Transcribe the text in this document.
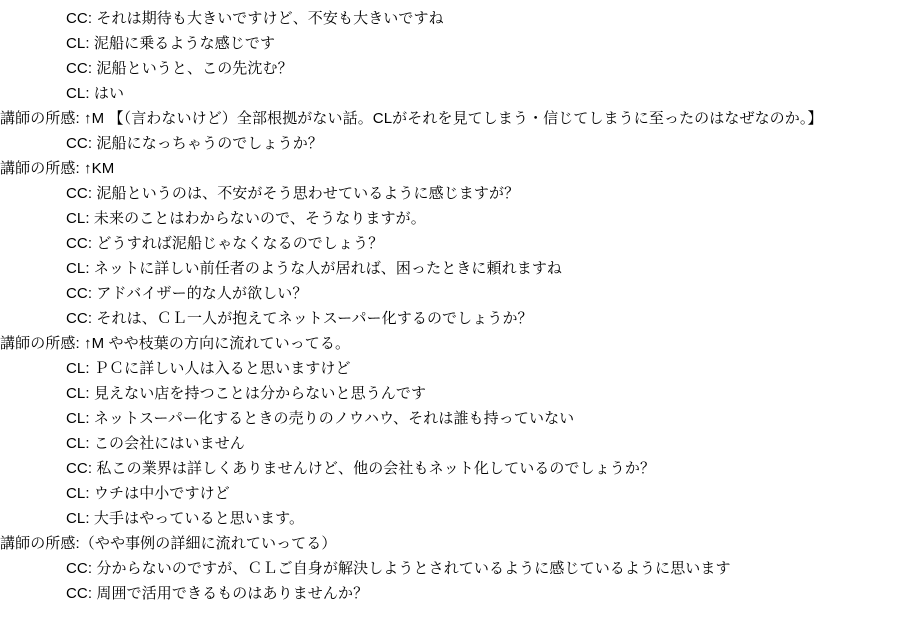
CC: それは期待も大きいですけど、不安も大きいですね
CL: 泥船に乗るような感じです
CC: 泥船というと、この先沈む？
CL: はい
講師の所感: ↑М 【（言わないけど）全部根拠がない話。CLがそれを見てしまう・信じてしまうに至ったのはなぜなのか。】
CC: 泥船になっちゃうのでしょうか？
講師の所感: ↑KM
CC: 泥船というのは、不安がそう思わせているように感じますが？
CL: 未来のことはわからないので、そうなりますが。
CC: どうすれば泥船じゃなくなるのでしょう？
CL: ネットに詳しい前任者のような人が居れば、困ったときに頼れますね
CC: アドバイザー的な人が欲しい？
CC: それは、ＣＬ一人が抱えてネットスーパー化するのでしょうか？
講師の所感: ↑М やや枝葉の方向に流れていってる。
CL: ＰＣに詳しい人は入ると思いますけど
CL: 見えない店を持つことは分からないと思うんです
CL: ネットスーパー化するときの売りのノウハウ、それは誰も持っていない
CL: この会社にはいません
CC: 私この業界は詳しくありませんけど、他の会社もネット化しているのでしょうか？
CL: ウチは中小ですけど
CL: 大手はやっていると思います。
講師の所感:（やや事例の詳細に流れていってる）
CC: 分からないのですが、ＣＬご自身が解決しようとされているように感じているように思います
CC: 周囲で活用できるものはありませんか？
